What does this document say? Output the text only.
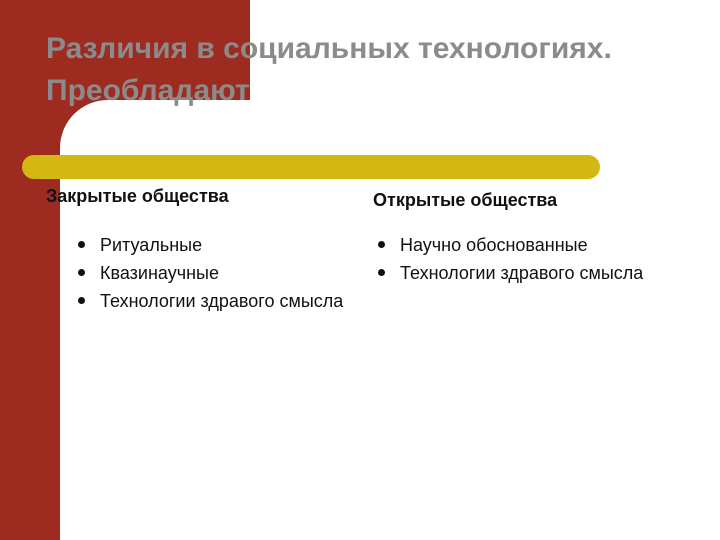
Различия в социальных технологиях. Преобладают
Закрытые общества
Ритуальные
Квазинаучные
Технологии здравого смысла
Открытые общества
Научно обоснованные
Технологии здравого смысла
